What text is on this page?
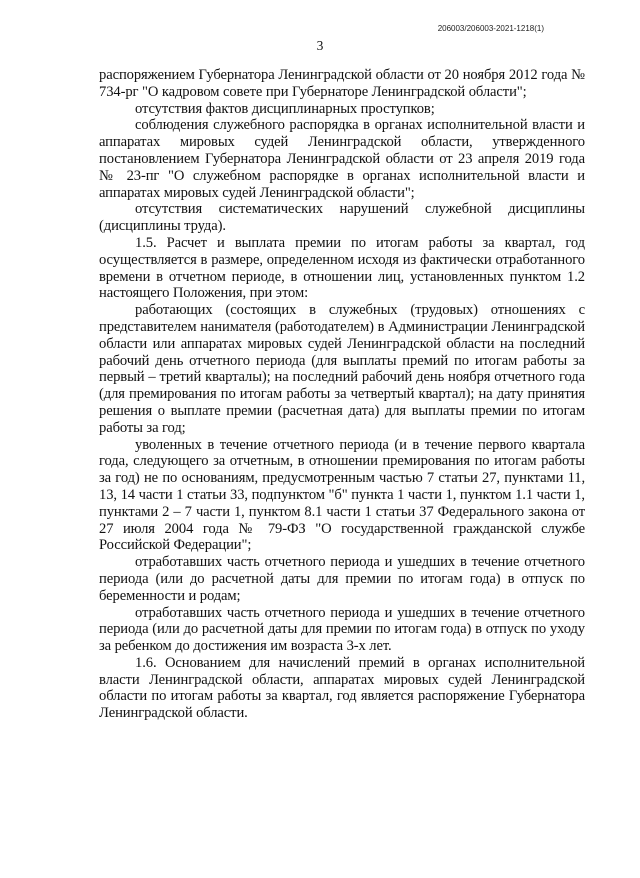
206003/206003-2021-1218(1)
3

распоряжением Губернатора Ленинградской области от 20 ноября 2012 года № 734-рг "О кадровом совете при Губернаторе Ленинградской области";

отсутствия фактов дисциплинарных проступков;

соблюдения служебного распорядка в органах исполнительной власти и аппаратах мировых судей Ленинградской области, утвержденного постановлением Губернатора Ленинградской области от 23 апреля 2019 года № 23-пг "О служебном распорядке в органах исполнительной власти и аппаратах мировых судей Ленинградской области";

отсутствия систематических нарушений служебной дисциплины (дисциплины труда).

1.5. Расчет и выплата премии по итогам работы за квартал, год осуществляется в размере, определенном исходя из фактически отработанного времени в отчетном периоде, в отношении лиц, установленных пунктом 1.2 настоящего Положения, при этом:

работающих (состоящих в служебных (трудовых) отношениях с представителем нанимателя (работодателем) в Администрации Ленинградской области или аппаратах мировых судей Ленинградской области на последний рабочий день отчетного периода (для выплаты премий по итогам работы за первый – третий кварталы); на последний рабочий день ноября отчетного года (для премирования по итогам работы за четвертый квартал); на дату принятия решения о выплате премии (расчетная дата) для выплаты премии по итогам работы за год;

уволенных в течение отчетного периода (и в течение первого квартала года, следующего за отчетным, в отношении премирования по итогам работы за год) не по основаниям, предусмотренным частью 7 статьи 27, пунктами 11, 13, 14 части 1 статьи 33, подпунктом "б" пункта 1 части 1, пунктом 1.1 части 1, пунктами 2 – 7 части 1, пунктом 8.1 части 1 статьи 37 Федерального закона от 27 июля 2004 года № 79-ФЗ "О государственной гражданской службе Российской Федерации";

отработавших часть отчетного периода и ушедших в течение отчетного периода (или до расчетной даты для премии по итогам года) в отпуск по беременности и родам;

отработавших часть отчетного периода и ушедших в течение отчетного периода (или до расчетной даты для премии по итогам года) в отпуск по уходу за ребенком до достижения им возраста 3-х лет.

1.6. Основанием для начислений премий в органах исполнительной власти Ленинградской области, аппаратах мировых судей Ленинградской области по итогам работы за квартал, год является распоряжение Губернатора Ленинградской области.
